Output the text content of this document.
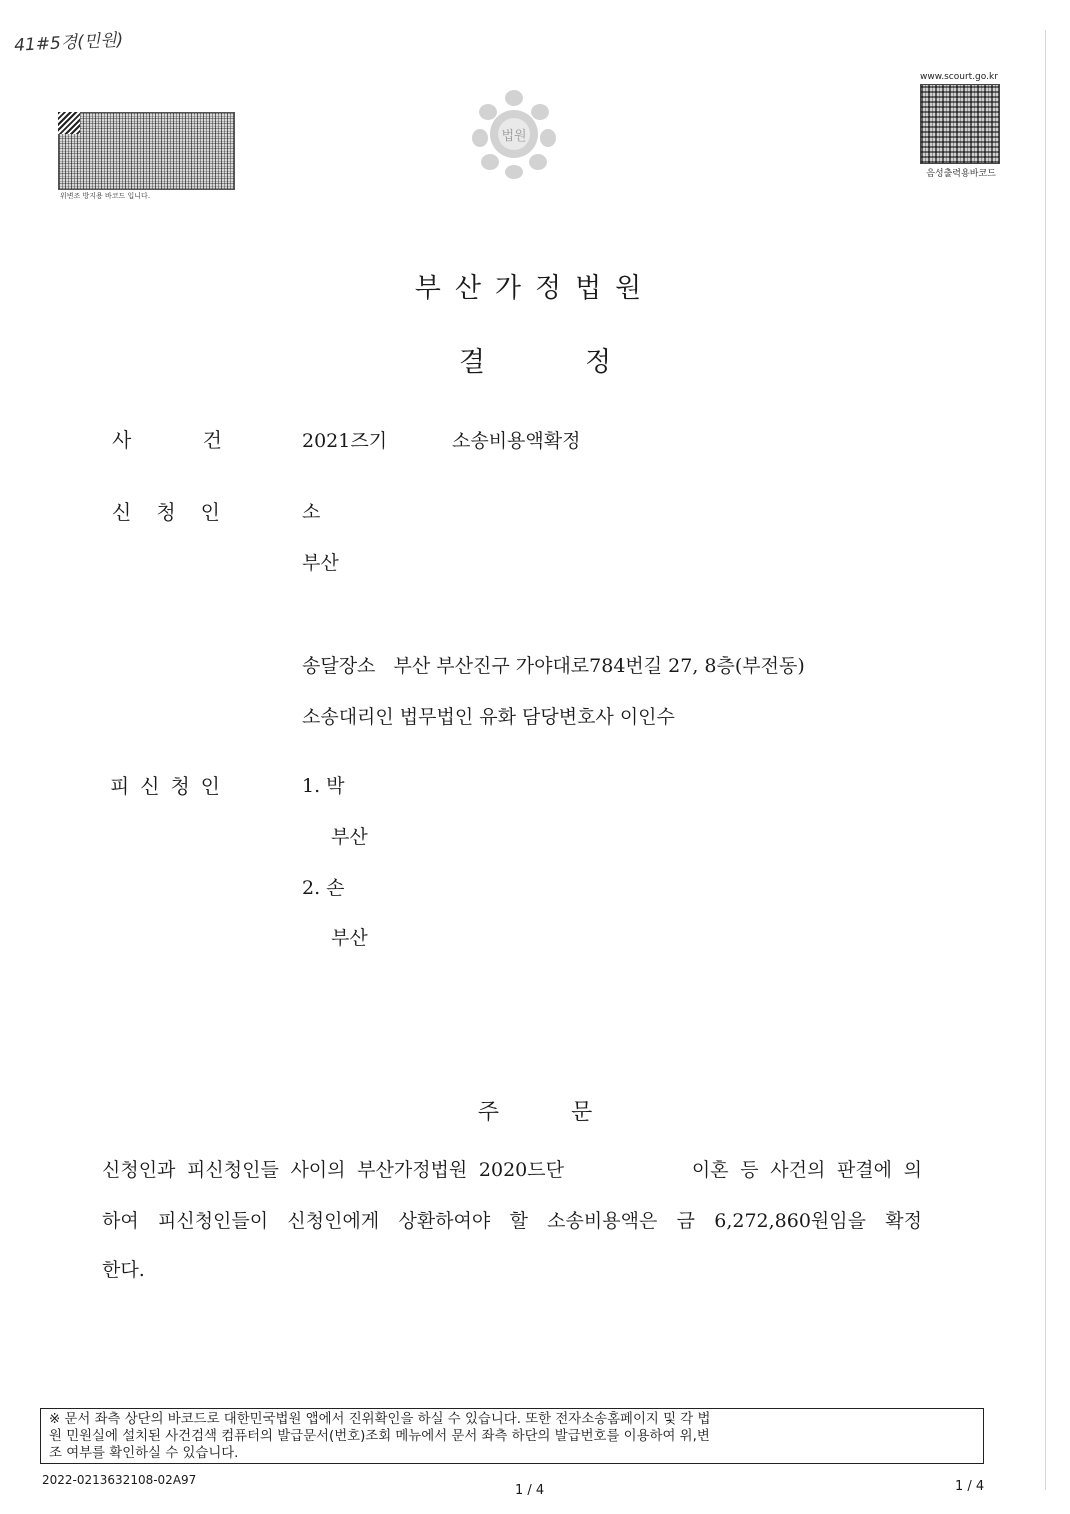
41#5경(민원)
위변조 방지용 바코드 입니다.
법원
www.scourt.go.kr
음성출력용바코드
부산가정법원
결	정
사	건	2021즈기	소송비용액확정
신 청 인	소
부산
송달장소 부산 부산진구 가야대로784번길 27, 8층(부전동)
소송대리인 법무법인 유화 담당변호사 이인수
피 신 청 인	1. 박
부산
2. 손
부산
주	문
신청인과 피신청인들 사이의 부산가정법원 2020드단           이혼 등 사건의 판결에 의
하여 피신청인들이 신청인에게 상환하여야 할 소송비용액은 금 6,272,860원임을 확정
한다.
※ 문서 좌측 상단의 바코드로 대한민국법원 앱에서 진위확인을 하실 수 있습니다. 또한 전자소송홈페이지 및 각 법
원 민원실에 설치된 사건검색 컴퓨터의 발급문서(번호)조회 메뉴에서 문서 좌측 하단의 발급번호를 이용하여 위,변
조 여부를 확인하실 수 있습니다.
2022-0213632108-02A97
1 / 4	1 / 4
